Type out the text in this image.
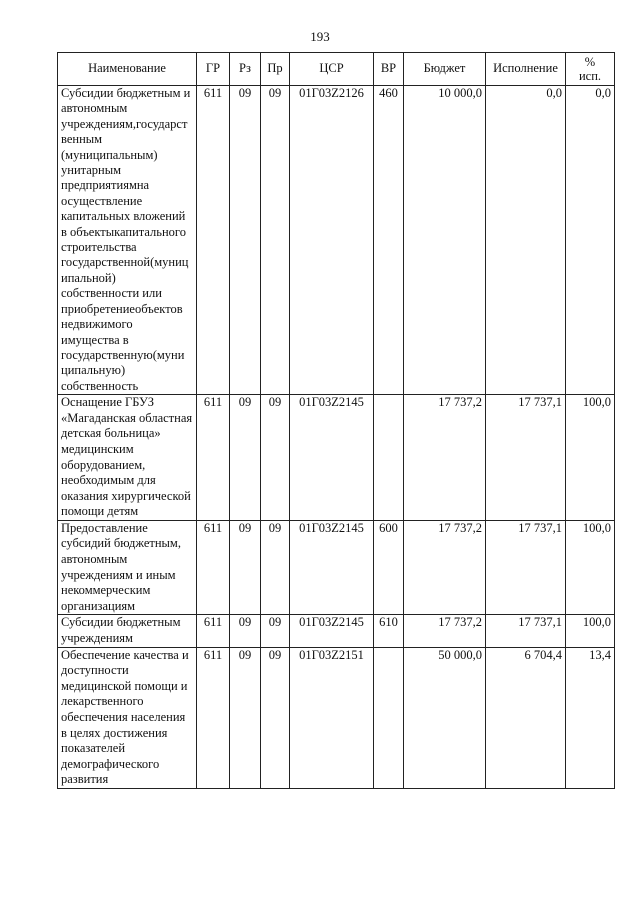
193
Наименование	ГР	Рз	Пр	ЦСР	ВР	Бюджет	Исполнение	%
исп.
Субсидии бюджетным и автономным учреждениям,государст венным (муниципальным) унитарным предприятиямна осуществление капитальных вложений в объектыкапитального строительства государственной(муниц ипальной) собственности или приобретениеобъектов недвижимого имущества в государственную(муни ципальную) собственность	611	09	09	01Г03Z2126	460	10 000,0	0,0	0,0
Оснащение ГБУЗ «Магаданская областная детская больница» медицинским оборудованием, необходимым для оказания хирургической помощи детям	611	09	09	01Г03Z2145		17 737,2	17 737,1	100,0
Предоставление субсидий бюджетным, автономным учреждениям и иным некоммерческим организациям	611	09	09	01Г03Z2145	600	17 737,2	17 737,1	100,0
Субсидии бюджетным учреждениям	611	09	09	01Г03Z2145	610	17 737,2	17 737,1	100,0
Обеспечение качества и доступности медицинской помощи и лекарственного обеспечения населения в целях достижения показателей демографического развития	611	09	09	01Г03Z2151		50 000,0	6 704,4	13,4
